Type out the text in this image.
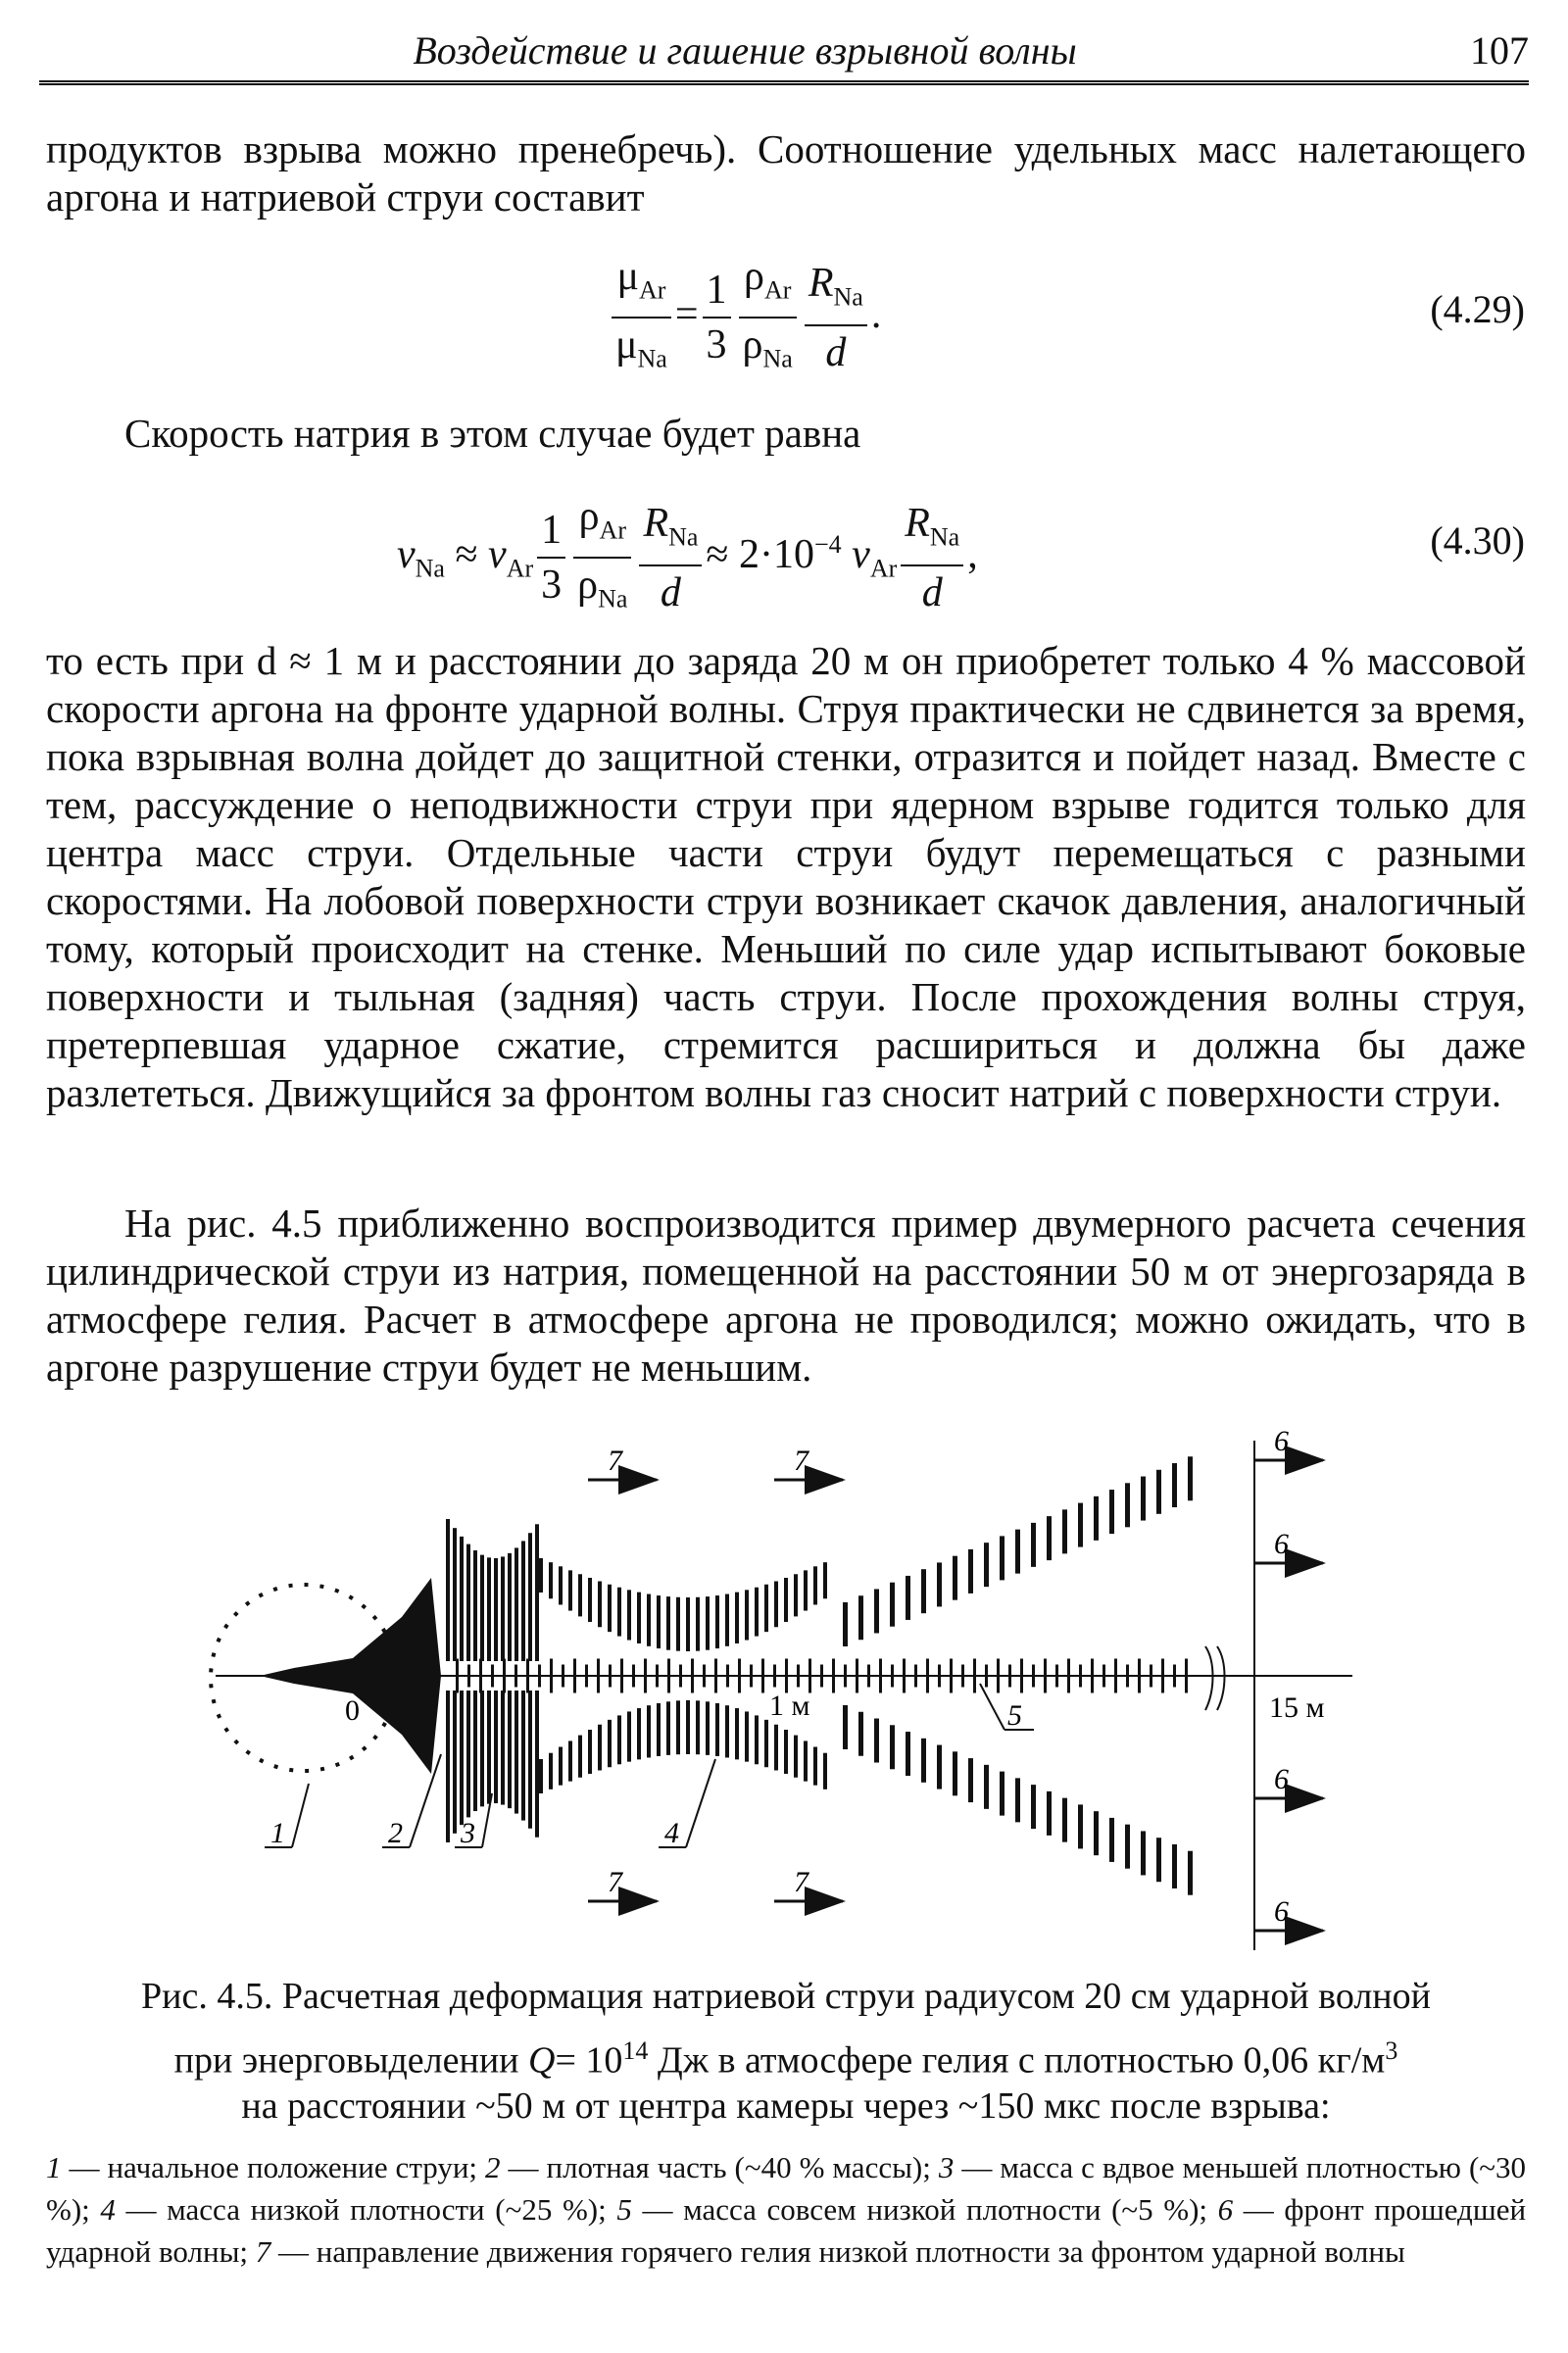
Воздействие и гашение взрывной волны	107

продуктов взрыва можно пренебречь). Соотношение удельных масс налетающего аргона и натриевой струи составит

$\frac{\mu_{Ar}}{\mu_{Na}} = \frac{1}{3} \frac{\rho_{Ar}}{\rho_{Na}} \frac{R_{Na}}{d}$ .	(4.29)

Скорость натрия в этом случае будет равна

$v_{Na} \approx v_{Ar} \frac{1}{3} \frac{\rho_{Ar}}{\rho_{Na}} \frac{R_{Na}}{d} \approx 2\cdot 10^{-4}$ $v_{Ar} \frac{R_{Na}}{d}$ ,	(4.30)

то есть при d ≈ 1 м и расстоянии до заряда 20 м он приобретет только 4 % массовой скорости аргона на фронте ударной волны. Струя практически не сдвинется за время, пока взрывная волна дойдет до защитной стенки, отразится и пойдет назад. Вместе с тем, рассуждение о неподвижности струи при ядерном взрыве годится только для центра масс струи. Отдельные части струи будут перемещаться с разными скоростями. На лобовой поверхности струи возникает скачок давления, аналогичный тому, который происходит на стенке. Меньший по силе удар испытывают боковые поверхности и тыльная (задняя) часть струи. После прохождения волны струя, претерпевшая ударное сжатие, стремится расшириться и должна бы даже разлететься. Движущийся за фронтом волны газ сносит натрий с поверхности струи.

На рис. 4.5 приближенно воспроизводится пример двумерного расчета сечения цилиндрической струи из натрия, помещенной на расстоянии 50 м от энергозаряда в атмосфере гелия. Расчет в атмосфере аргона не проводился; можно ожидать, что в аргоне разрушение струи будет не меньшим.

6
6
6
6
7	7
7	7
0	1 м	15 м
1	2 3	4
5
Рис. 4.5. Расчетная деформация натриевой струи радиусом 20 см ударной волной
при энерговыделении $Q= 10^{14}$ Дж в атмосфере гелия с плотностью 0,06 $кг/м^3$
на расстоянии ~50 м от центра камеры через ~150 мкс после взрыва:
1 — начальное положение струи; 2 — плотная часть (~40 % массы); 3 — масса с вдвое меньшей плотностью (~30 %); 4 — масса низкой плотности (~25 %); 5 — масса совсем низкой плотности (~5 %); 6 — фронт прошедшей ударной волны; 7 — направление движения горячего гелия низкой плотности за фронтом ударной волны
